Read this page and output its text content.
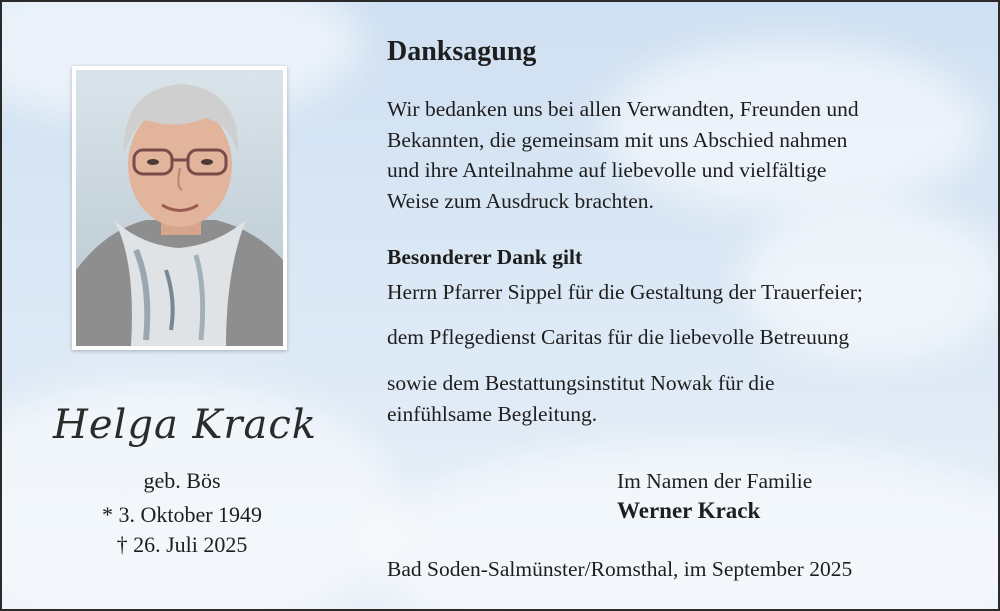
Helga Krack
geb. Bös
* 3. Oktober 1949
† 26. Juli 2025
Danksagung
Wir bedanken uns bei allen Verwandten, Freunden und
Bekannten, die gemeinsam mit uns Abschied nahmen
und ihre Anteilnahme auf liebevolle und vielfältige
Weise zum Ausdruck brachten.
Besonderer Dank gilt
Herrn Pfarrer Sippel für die Gestaltung der Trauerfeier;
dem Pflegedienst Caritas für die liebevolle Betreuung
sowie dem Bestattungsinstitut Nowak für die
einfühlsame Begleitung.
Im Namen der Familie
Werner Krack
Bad Soden-Salmünster/Romsthal, im September 2025
